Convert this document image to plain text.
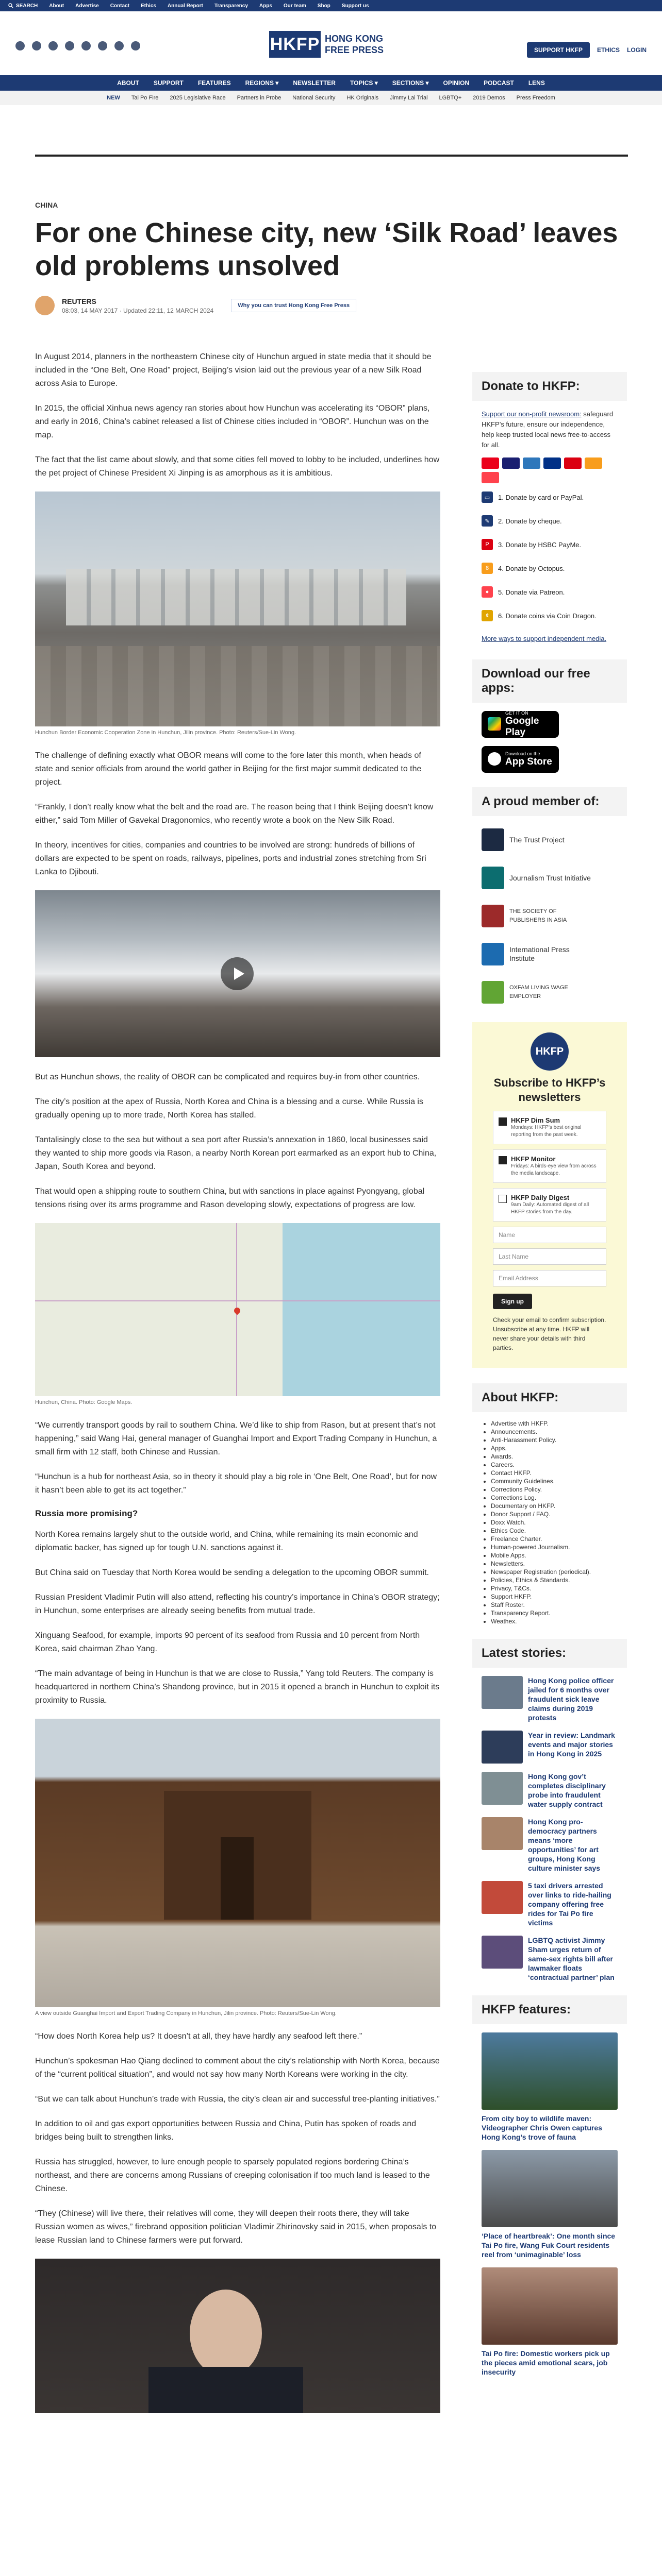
SEARCH About Advertise Contact Ethics Annual Report Transparency Apps Our team Shop Support us
HKFP HONG KONG FREE PRESS	SUPPORT HKFP	ETHICS LOGIN
ABOUT SUPPORT FEATURES REGIONS ▾ NEWSLETTER TOPICS ▾ SECTIONS ▾ OPINION PODCAST LENS
NEW Tai Po Fire 2025 Legislative Race Partners in Probe National Security HK Originals Jimmy Lai Trial LGBTQ+ 2019 Demos Press Freedom
CHINA
For one Chinese city, new ‘Silk Road’ leaves old problems unsolved
REUTERS
08:03, 14 MAY 2017 · Updated 22:11, 12 MARCH 2024
Why you can trust Hong Kong Free Press

In August 2014, planners in the northeastern Chinese city of Hunchun argued in state media that it should be included in the “One Belt, One Road” project, Beijing’s vision laid out the previous year of a new Silk Road across Asia to Europe.

In 2015, the official Xinhua news agency ran stories about how Hunchun was accelerating its “OBOR” plans, and early in 2016, China’s cabinet released a list of Chinese cities included in “OBOR”. Hunchun was on the map.

The fact that the list came about slowly, and that some cities fell moved to lobby to be included, underlines how the pet project of Chinese President Xi Jinping is as amorphous as it is ambitious.

Hunchun Border Economic Cooperation Zone in Hunchun, Jilin province. Photo: Reuters/Sue-Lin Wong.

The challenge of defining exactly what OBOR means will come to the fore later this month, when heads of state and senior officials from around the world gather in Beijing for the first major summit dedicated to the project.

“Frankly, I don’t really know what the belt and the road are. The reason being that I think Beijing doesn’t know either,” said Tom Miller of Gavekal Dragonomics, who recently wrote a book on the New Silk Road.

In theory, incentives for cities, companies and countries to be involved are strong: hundreds of billions of dollars are expected to be spent on roads, railways, pipelines, ports and industrial zones stretching from Sri Lanka to Djibouti.

But as Hunchun shows, the reality of OBOR can be complicated and requires buy-in from other countries.

The city’s position at the apex of Russia, North Korea and China is a blessing and a curse. While Russia is gradually opening up to more trade, North Korea has stalled.

Tantalisingly close to the sea but without a sea port after Russia’s annexation in 1860, local businesses said they wanted to ship more goods via Rason, a nearby North Korean port earmarked as an export hub to China, Japan, South Korea and beyond.

That would open a shipping route to southern China, but with sanctions in place against Pyongyang, global tensions rising over its arms programme and Rason developing slowly, expectations of progress are low.

Hunchun, China. Photo: Google Maps.

“We currently transport goods by rail to southern China. We’d like to ship from Rason, but at present that’s not happening,” said Wang Hai, general manager of Guanghai Import and Export Trading Company in Hunchun, a small firm with 12 staff, both Chinese and Russian.

“Hunchun is a hub for northeast Asia, so in theory it should play a big role in ‘One Belt, One Road’, but for now it hasn’t been able to get its act together.”

Russia more promising?

North Korea remains largely shut to the outside world, and China, while remaining its main economic and diplomatic backer, has signed up for tough U.N. sanctions against it.

But China said on Tuesday that North Korea would be sending a delegation to the upcoming OBOR summit.

Russian President Vladimir Putin will also attend, reflecting his country’s importance in China’s OBOR strategy; in Hunchun, some enterprises are already seeing benefits from mutual trade.

Xinguang Seafood, for example, imports 90 percent of its seafood from Russia and 10 percent from North Korea, said chairman Zhao Yang.

“The main advantage of being in Hunchun is that we are close to Russia,” Yang told Reuters. The company is headquartered in northern China’s Shandong province, but in 2015 it opened a branch in Hunchun to exploit its proximity to Russia.

A view outside Guanghai Import and Export Trading Company in Hunchun, Jilin province. Photo: Reuters/Sue-Lin Wong.

“How does North Korea help us? It doesn’t at all, they have hardly any seafood left there.”

Hunchun’s spokesman Hao Qiang declined to comment about the city’s relationship with North Korea, because of the “current political situation”, and would not say how many North Koreans were working in the city.

“But we can talk about Hunchun’s trade with Russia, the city’s clean air and successful tree-planting initiatives.”

In addition to oil and gas export opportunities between Russia and China, Putin has spoken of roads and bridges being built to strengthen links.

Russia has struggled, however, to lure enough people to sparsely populated regions bordering China’s northeast, and there are concerns among Russians of creeping colonisation if too much land is leased to the Chinese.

“They (Chinese) will live there, their relatives will come, they will deepen their roots there, they will take Russian women as wives,” firebrand opposition politician Vladimir Zhirinovsky said in 2015, when proposals to lease Russian land to Chinese farmers were put forward.

Donate to HKFP:

Support our non-profit newsroom: safeguard HKFP’s future, ensure our independence, help keep trusted local news free-to-access for all.

▭	1. Donate by card or PayPal.
✎	2. Donate by cheque.
P	3. Donate by HSBC PayMe.
8	4. Donate by Octopus.
●	5. Donate via Patreon.
¢	6. Donate coins via Coin Dragon.

More ways to support independent media.

Download our free apps:
GET IT ON
Google Play
Download on the
App Store
A proud member of:
The Trust Project
Journalism Trust Initiative
THE SOCIETY OF PUBLISHERS IN ASIA
International Press Institute
OXFAM LIVING WAGE EMPLOYER
HKFP
Subscribe to HKFP’s newsletters
HKFP Dim Sum
Mondays: HKFP’s best original reporting from the past week.
HKFP Monitor
Fridays: A birds-eye view from across the media landscape.
HKFP Daily Digest
9am Daily: Automated digest of all HKFP stories from the day.
Name
Last Name
Email Address
Sign up
Check your email to confirm subscription. Unsubscribe at any time. HKFP will never share your details with third parties.
About HKFP:
• Advertise with HKFP.
• Announcements.
• Anti-Harassment Policy.
• Apps.
• Awards.
• Careers.
• Contact HKFP.
• Community Guidelines.
• Corrections Policy.
• Corrections Log.
• Documentary on HKFP.
• Donor Support / FAQ.
• Doxx Watch.
• Ethics Code.
• Freelance Charter.
• Human-powered Journalism.
• Mobile Apps.
• Newsletters.
• Newspaper Registration (periodical).
• Policies, Ethics & Standards.
• Privacy, T&Cs.
• Support HKFP.
• Staff Roster.
• Transparency Report.
• Weathex.
Latest stories:
Hong Kong police officer jailed for 6 months over fraudulent sick leave claims during 2019 protests
Year in review: Landmark events and major stories in Hong Kong in 2025
Hong Kong gov’t completes disciplinary probe into fraudulent water supply contract
Hong Kong pro-democracy partners means ‘more opportunities’ for art groups, Hong Kong culture minister says
5 taxi drivers arrested over links to ride-hailing company offering free rides for Tai Po fire victims
LGBTQ activist Jimmy Sham urges return of same-sex rights bill after lawmaker floats ‘contractual partner’ plan
HKFP features:
From city boy to wildlife maven: Videographer Chris Owen captures Hong Kong’s trove of fauna
‘Place of heartbreak’: One month since Tai Po fire, Wang Fuk Court residents reel from ‘unimaginable’ loss
Tai Po fire: Domestic workers pick up the pieces amid emotional scars, job insecurity
